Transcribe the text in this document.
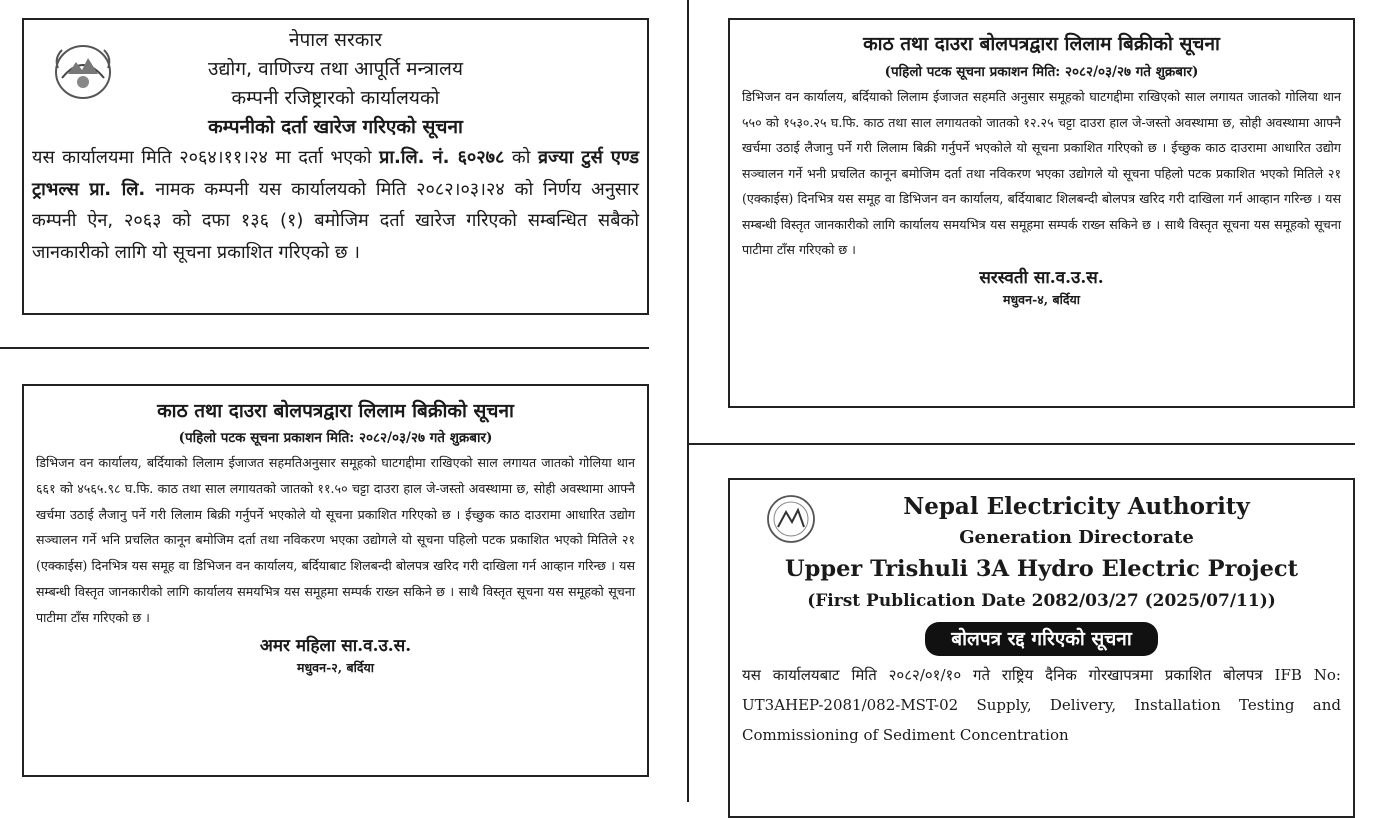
नेपाल सरकार
उद्योग, वाणिज्य तथा आपूर्ति मन्त्रालय
कम्पनी रजिष्ट्रारको कार्यालयको
कम्पनीको दर्ता खारेज गरिएको सूचना
यस कार्यालयमा मिति २०६४।११।२४ मा दर्ता भएको प्रा.लि. नं. ६०२७८ को व्रज्या टुर्स एण्ड ट्राभल्स प्रा. लि. नामक कम्पनी यस कार्यालयको मिति २०८२।०३।२४ को निर्णय अनुसार कम्पनी ऐन, २०६३ को दफा १३६ (१) बमोजिम दर्ता खारेज गरिएको सम्बन्धित सबैको जानकारीको लागि यो सूचना प्रकाशित गरिएको छ ।
काठ तथा दाउरा बोलपत्रद्वारा लिलाम बिक्रीको सूचना
(पहिलो पटक सूचना प्रकाशन मिति: २०८२/०३/२७ गते शुक्रबार)
डिभिजन वन कार्यालय, बर्दियाको लिलाम ईजाजत सहमतिअनुसार समूहको घाटगद्दीमा राखिएको साल लगायत जातको गोलिया थान ६६१ को ४५६५.९८ घ.फि. काठ तथा साल लगायतको जातको ११.५० चट्टा दाउरा हाल जे-जस्तो अवस्थामा छ, सोही अवस्थामा आफ्नै खर्चमा उठाई लैजानु पर्ने गरी लिलाम बिक्री गर्नुपर्ने भएकोले यो सूचना प्रकाशित गरिएको छ । ईच्छुक काठ दाउरामा आधारित उद्योग सञ्चालन गर्ने भनि प्रचलित कानून बमोजिम दर्ता तथा नविकरण भएका उद्योगले यो सूचना पहिलो पटक प्रकाशित भएको मितिले २१ (एक्काईस) दिनभित्र यस समूह वा डिभिजन वन कार्यालय, बर्दियाबाट शिलबन्दी बोलपत्र खरिद गरी दाखिला गर्न आव्हान गरिन्छ । यस सम्बन्धी विस्तृत जानकारीको लागि कार्यालय समयभित्र यस समूहमा सम्पर्क राख्न सकिने छ । साथै विस्तृत सूचना यस समूहको सूचना पाटीमा टाँस गरिएको छ ।
अमर महिला सा.व.उ.स.
मधुवन-२, बर्दिया
काठ तथा दाउरा बोलपत्रद्वारा लिलाम बिक्रीको सूचना
(पहिलो पटक सूचना प्रकाशन मिति: २०८२/०३/२७ गते शुक्रबार)
डिभिजन वन कार्यालय, बर्दियाको लिलाम ईजाजत सहमति अनुसार समूहको घाटगद्दीमा राखिएको साल लगायत जातको गोलिया थान ५५० को १५३०.२५ घ.फि. काठ तथा साल लगायतको जातको १२.२५ चट्टा दाउरा हाल जे-जस्तो अवस्थामा छ, सोही अवस्थामा आफ्नै खर्चमा उठाई लैजानु पर्ने गरी लिलाम बिक्री गर्नुपर्ने भएकोले यो सूचना प्रकाशित गरिएको छ । ईच्छुक काठ दाउरामा आधारित उद्योग सञ्चालन गर्ने भनी प्रचलित कानून बमोजिम दर्ता तथा नविकरण भएका उद्योगले यो सूचना पहिलो पटक प्रकाशित भएको मितिले २१ (एक्काईस) दिनभित्र यस समूह वा डिभिजन वन कार्यालय, बर्दियाबाट शिलबन्दी बोलपत्र खरिद गरी दाखिला गर्न आव्हान गरिन्छ । यस सम्बन्धी विस्तृत जानकारीको लागि कार्यालय समयभित्र यस समूहमा सम्पर्क राख्न सकिने छ । साथै विस्तृत सूचना यस समूहको सूचना पाटीमा टाँस गरिएको छ ।
सरस्वती सा.व.उ.स.
मधुवन-४, बर्दिया
Nepal Electricity Authority
Generation Directorate
Upper Trishuli 3A Hydro Electric Project
(First Publication Date 2082/03/27 (2025/07/11))
बोलपत्र रद्द गरिएको सूचना
यस कार्यालयबाट मिति २०८२/०१/१० गते राष्ट्रिय दैनिक गोरखापत्रमा प्रकाशित बोलपत्र IFB No: UT3AHEP-2081/082-MST-02 Supply, Delivery, Installation Testing and Commissioning of Sediment Concentration
